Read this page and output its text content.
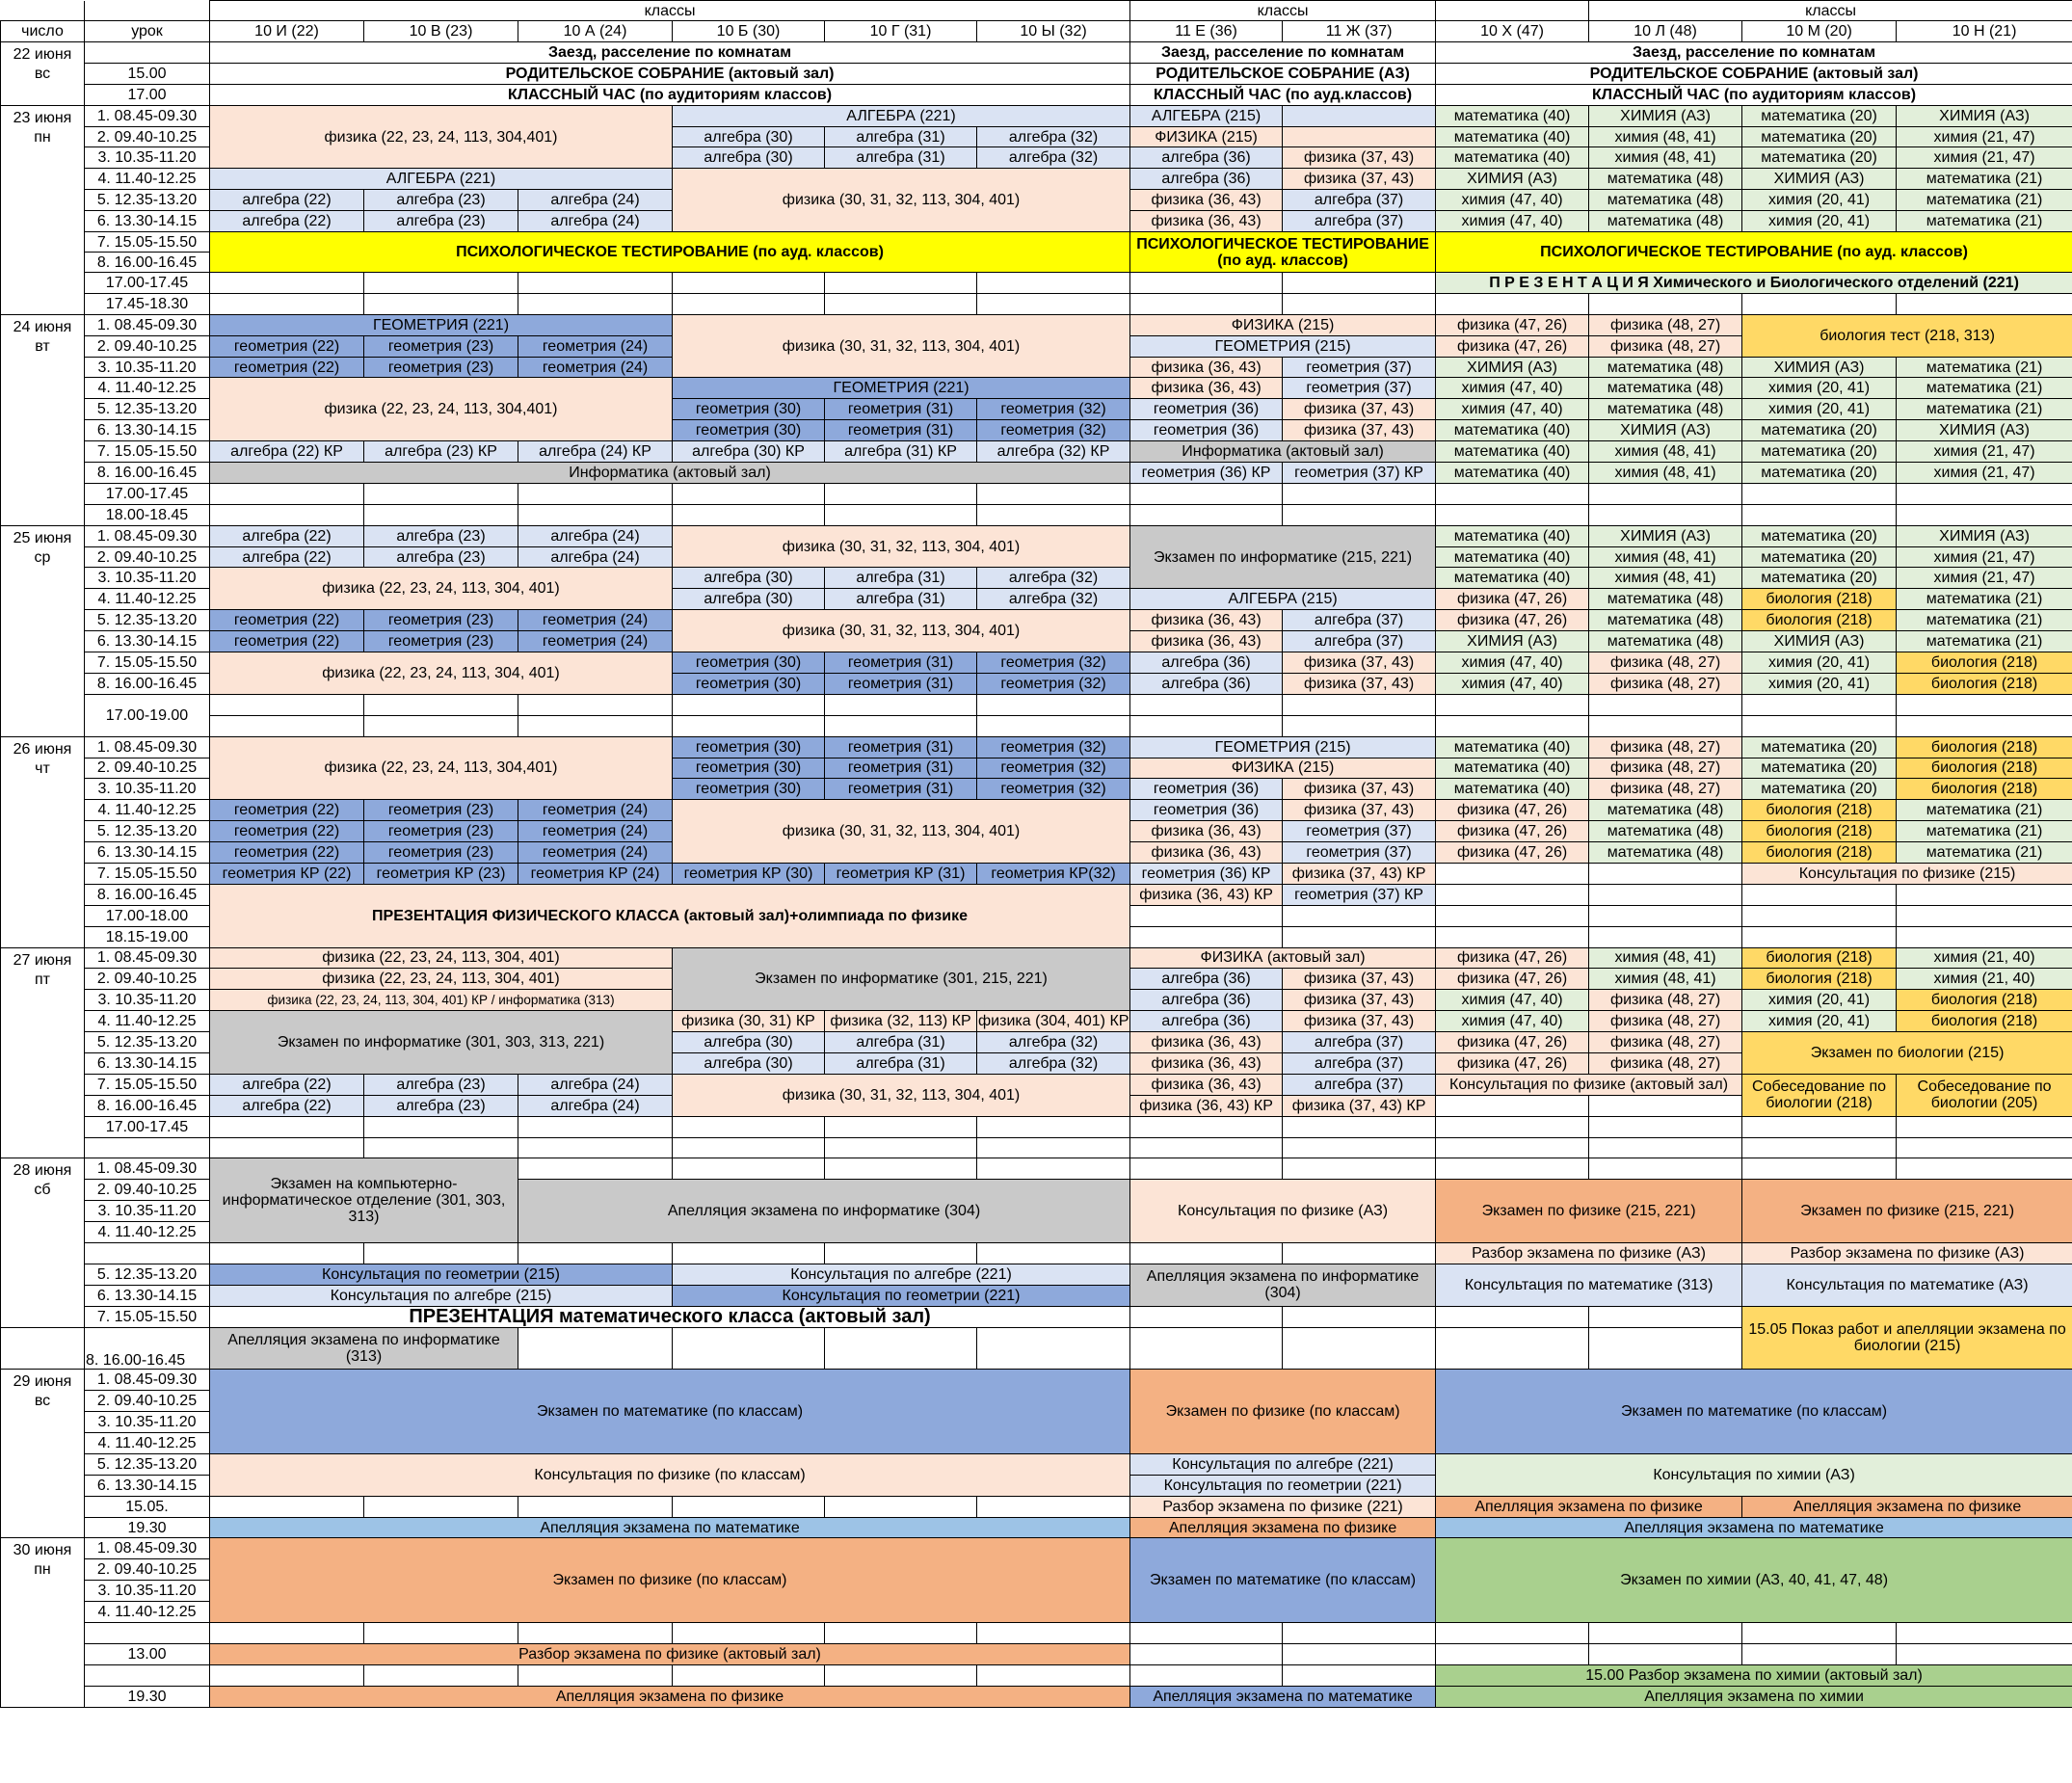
		классы						классы			классы		
число	урок	10 И (22)	10 В (23)	10 А (24)	10 Б (30)	10 Г (31)	10 Ы (32)	11 Е (36)	11 Ж (37)	10 Х (47)	10 Л (48)	10 М (20)	10 Н (21)

22 июня
вс		Заезд, расселение по комнатам						Заезд, расселение по комнатам		Заезд, расселение по комнатам			
	15.00	РОДИТЕЛЬСКОЕ СОБРАНИЕ (актовый зал)						РОДИТЕЛЬСКОЕ СОБРАНИЕ (АЗ)		РОДИТЕЛЬСКОЕ СОБРАНИЕ (актовый зал)			
	17.00	КЛАССНЫЙ ЧАС (по аудиториям классов)						КЛАССНЫЙ ЧАС (по ауд.классов)		КЛАССНЫЙ ЧАС (по аудиториям классов)			

23 июня
пн	1. 08.45-09.30	физика (22, 23, 24, 113, 304,401)			АЛГЕБРА (221)			АЛГЕБРА (215)		математика (40)	ХИМИЯ (АЗ)	математика (20)	ХИМИЯ (АЗ)
	2. 09.40-10.25				алгебра (30)	алгебра (31)	алгебра (32)	ФИЗИКА (215)		математика (40)	химия (48, 41)	математика (20)	химия (21, 47)
	3. 10.35-11.20				алгебра (30)	алгебра (31)	алгебра (32)	алгебра (36)	физика (37, 43)	математика (40)	химия (48, 41)	математика (20)	химия (21, 47)
	4. 11.40-12.25	АЛГЕБРА (221)			физика (30, 31, 32, 113, 304, 401)			алгебра (36)	физика (37, 43)	ХИМИЯ (АЗ)	математика (48)	ХИМИЯ (АЗ)	математика (21)
	5. 12.35-13.20	алгебра (22)	алгебра (23)	алгебра (24)				физика (36, 43)	алгебра (37)	химия (47, 40)	математика (48)	химия (20, 41)	математика (21)
	6. 13.30-14.15	алгебра (22)	алгебра (23)	алгебра (24)				физика (36, 43)	алгебра (37)	химия (47, 40)	математика (48)	химия (20, 41)	математика (21)
	7. 15.05-15.50	ПСИХОЛОГИЧЕСКОЕ ТЕСТИРОВАНИЕ (по ауд. классов)						ПСИХОЛОГИЧЕСКОЕ ТЕСТИРОВАНИЕ (по ауд. классов)		ПСИХОЛОГИЧЕСКОЕ ТЕСТИРОВАНИЕ (по ауд. классов)			
	8. 16.00-16.45												
	17.00-17.45									П Р Е З Е Н Т А Ц И Я Химического и Биологического отделений (221)			
	17.45-18.30												

24 июня
вт	1. 08.45-09.30	ГЕОМЕТРИЯ (221)			физика (30, 31, 32, 113, 304, 401)			ФИЗИКА (215)		физика (47, 26)	физика (48, 27)	биология тест (218, 313)	
	2. 09.40-10.25	геометрия (22)	геометрия (23)	геометрия (24)				ГЕОМЕТРИЯ (215)		физика (47, 26)	физика (48, 27)		
	3. 10.35-11.20	геометрия (22)	геометрия (23)	геометрия (24)				физика (36, 43)	геометрия (37)	ХИМИЯ (АЗ)	математика (48)	ХИМИЯ (АЗ)	математика (21)
	4. 11.40-12.25	физика (22, 23, 24, 113, 304,401)			ГЕОМЕТРИЯ (221)			физика (36, 43)	геометрия (37)	химия (47, 40)	математика (48)	химия (20, 41)	математика (21)
	5. 12.35-13.20				геометрия (30)	геометрия (31)	геометрия (32)	геометрия (36)	физика (37, 43)	химия (47, 40)	математика (48)	химия (20, 41)	математика (21)
	6. 13.30-14.15				геометрия (30)	геометрия (31)	геометрия (32)	геометрия (36)	физика (37, 43)	математика (40)	ХИМИЯ (АЗ)	математика (20)	ХИМИЯ (АЗ)
	7. 15.05-15.50	алгебра (22) КР	алгебра (23) КР	алгебра (24) КР	алгебра (30) КР	алгебра (31) КР	алгебра (32) КР	Информатика (актовый зал)		математика (40)	химия (48, 41)	математика (20)	химия (21, 47)
	8. 16.00-16.45	Информатика (актовый зал)						геометрия (36) КР	геометрия (37) КР	математика (40)	химия (48, 41)	математика (20)	химия (21, 47)
	17.00-17.45												
	18.00-18.45												

25 июня
ср	1. 08.45-09.30	алгебра (22)	алгебра (23)	алгебра (24)	физика (30, 31, 32, 113, 304, 401)			Экзамен по информатике (215, 221)		математика (40)	ХИМИЯ (АЗ)	математика (20)	ХИМИЯ (АЗ)
	2. 09.40-10.25	алгебра (22)	алгебра (23)	алгебра (24)						математика (40)	химия (48, 41)	математика (20)	химия (21, 47)
	3. 10.35-11.20	физика (22, 23, 24, 113, 304, 401)			алгебра (30)	алгебра (31)	алгебра (32)			математика (40)	химия (48, 41)	математика (20)	химия (21, 47)
	4. 11.40-12.25				алгебра (30)	алгебра (31)	алгебра (32)	АЛГЕБРА (215)		физика (47, 26)	математика (48)	биология (218)	математика (21)
	5. 12.35-13.20	геометрия (22)	геометрия (23)	геометрия (24)	физика (30, 31, 32, 113, 304, 401)			физика (36, 43)	алгебра (37)	физика (47, 26)	математика (48)	биология (218)	математика (21)
	6. 13.30-14.15	геометрия (22)	геометрия (23)	геометрия (24)				физика (36, 43)	алгебра (37)	ХИМИЯ (АЗ)	математика (48)	ХИМИЯ (АЗ)	математика (21)
	7. 15.05-15.50	физика (22, 23, 24, 113, 304, 401)			геометрия (30)	геометрия (31)	геометрия (32)	алгебра (36)	физика (37, 43)	химия (47, 40)	физика (48, 27)	химия (20, 41)	биология (218)
	8. 16.00-16.45				геометрия (30)	геометрия (31)	геометрия (32)	алгебра (36)	физика (37, 43)	химия (47, 40)	физика (48, 27)	химия (20, 41)	биология (218)
	17.00-19.00												

26 июня
чт	1. 08.45-09.30	физика (22, 23, 24, 113, 304,401)			геометрия (30)	геометрия (31)	геометрия (32)	ГЕОМЕТРИЯ (215)		математика (40)	физика (48, 27)	математика (20)	биология (218)
	2. 09.40-10.25				геометрия (30)	геометрия (31)	геометрия (32)	ФИЗИКА (215)		математика (40)	физика (48, 27)	математика (20)	биология (218)
	3. 10.35-11.20				геометрия (30)	геометрия (31)	геометрия (32)	геометрия (36)	физика (37, 43)	математика (40)	физика (48, 27)	математика (20)	биология (218)
	4. 11.40-12.25	геометрия (22)	геометрия (23)	геометрия (24)	физика (30, 31, 32, 113, 304, 401)			геометрия (36)	физика (37, 43)	физика (47, 26)	математика (48)	биология (218)	математика (21)
	5. 12.35-13.20	геометрия (22)	геометрия (23)	геометрия (24)				физика (36, 43)	геометрия (37)	физика (47, 26)	математика (48)	биология (218)	математика (21)
	6. 13.30-14.15	геометрия (22)	геометрия (23)	геометрия (24)				физика (36, 43)	геометрия (37)	физика (47, 26)	математика (48)	биология (218)	математика (21)
	7. 15.05-15.50	геометрия КР (22)	геометрия КР (23)	геометрия КР (24)	геометрия КР (30)	геометрия КР (31)	геометрия КР(32)	геометрия (36) КР	физика (37, 43) КР			Консультация по физике (215)	
	8. 16.00-16.45	ПРЕЗЕНТАЦИЯ ФИЗИЧЕСКОГО КЛАССА (актовый зал)+олимпиада по физике						физика (36, 43) КР	геометрия (37) КР				
	17.00-18.00												
	18.15-19.00												

27 июня
пт	1. 08.45-09.30	физика (22, 23, 24, 113, 304, 401)			Экзамен по информатике (301, 215, 221)			ФИЗИКА (актовый зал)		физика (47, 26)	химия (48, 41)	биология (218)	химия (21, 40)
	2. 09.40-10.25	физика (22, 23, 24, 113, 304, 401)						алгебра (36)	физика (37, 43)	физика (47, 26)	химия (48, 41)	биология (218)	химия (21, 40)
	3. 10.35-11.20	физика (22, 23, 24, 113, 304, 401) КР / информатика (313)						алгебра (36)	физика (37, 43)	химия (47, 40)	физика (48, 27)	химия (20, 41)	биология (218)
	4. 11.40-12.25	Экзамен по информатике (301, 303, 313, 221)			физика (30, 31) КР	физика (32, 113) КР	физика (304, 401) КР	алгебра (36)	физика (37, 43)	химия (47, 40)	физика (48, 27)	химия (20, 41)	биология (218)
	5. 12.35-13.20				алгебра (30)	алгебра (31)	алгебра (32)	физика (36, 43)	алгебра (37)	физика (47, 26)	физика (48, 27)	Экзамен по биологии (215)	
	6. 13.30-14.15				алгебра (30)	алгебра (31)	алгебра (32)	физика (36, 43)	алгебра (37)	физика (47, 26)	физика (48, 27)		
	7. 15.05-15.50	алгебра (22)	алгебра (23)	алгебра (24)	физика (30, 31, 32, 113, 304, 401)			физика (36, 43)	алгебра (37)	Консультация по физике (актовый зал)		Собеседование по биологии (218)	Собеседование по биологии (205)
	8. 16.00-16.45	алгебра (22)	алгебра (23)	алгебра (24)				физика (36, 43) КР	физика (37, 43) КР				
	17.00-17.45												

28 июня
сб	1. 08.45-09.30	Экзамен на компьютерно-информатическое отделение (301, 303, 313)											
	2. 09.40-10.25			Апелляция экзамена по информатике (304)				Консультация по физике (АЗ)		Экзамен по физике (215, 221)		Экзамен по физике (215, 221)	
	3. 10.35-11.20												
	4. 11.40-12.25												
										Разбор экзамена по физике (АЗ)		Разбор экзамена по физике (АЗ)	
	5. 12.35-13.20	Консультация по геометрии (215)			Консультация по алгебре (221)			Апелляция экзамена по информатике (304)		Консультация по математике (313)		Консультация по математике (АЗ)	
	6. 13.30-14.15	Консультация по алгебре (215)			Консультация по геометрии (221)								
	7. 15.05-15.50	ПРЕЗЕНТАЦИЯ математического класса (актовый зал)										15.05 Показ работ и апелляции экзамена по биологии (215)	
	8. 16.00-16.45	Апелляция экзамена по информатике (313)											

29 июня
вс	1. 08.45-09.30	Экзамен по математике (по классам)						Экзамен по физике (по классам)		Экзамен по математике (по классам)			
	2. 09.40-10.25												
	3. 10.35-11.20												
	4. 11.40-12.25												
	5. 12.35-13.20	Консультация по физике (по классам)						Консультация по алгебре (221)		Консультация по химии (АЗ)			
	6. 13.30-14.15							Консультация по геометрии (221)					
	15.05.							Разбор экзамена по физике (221)		Апелляция экзамена по физике		Апелляция экзамена по физике	
	19.30	Апелляция экзамена по математике						Апелляция экзамена по физике		Апелляция экзамена по математике			

30 июня
пн	1. 08.45-09.30	Экзамен по физике (по классам)						Экзамен по математике (по классам)		Экзамен по химии (АЗ, 40, 41, 47, 48)			
	2. 09.40-10.25												
	3. 10.35-11.20												
	4. 11.40-12.25												

	13.00	Разбор экзамена по физике (актовый зал)											
										15.00 Разбор экзамена по химии (актовый зал)			
	19.30	Апелляция экзамена по физике						Апелляция экзамена по математике		Апелляция экзамена по химии			
